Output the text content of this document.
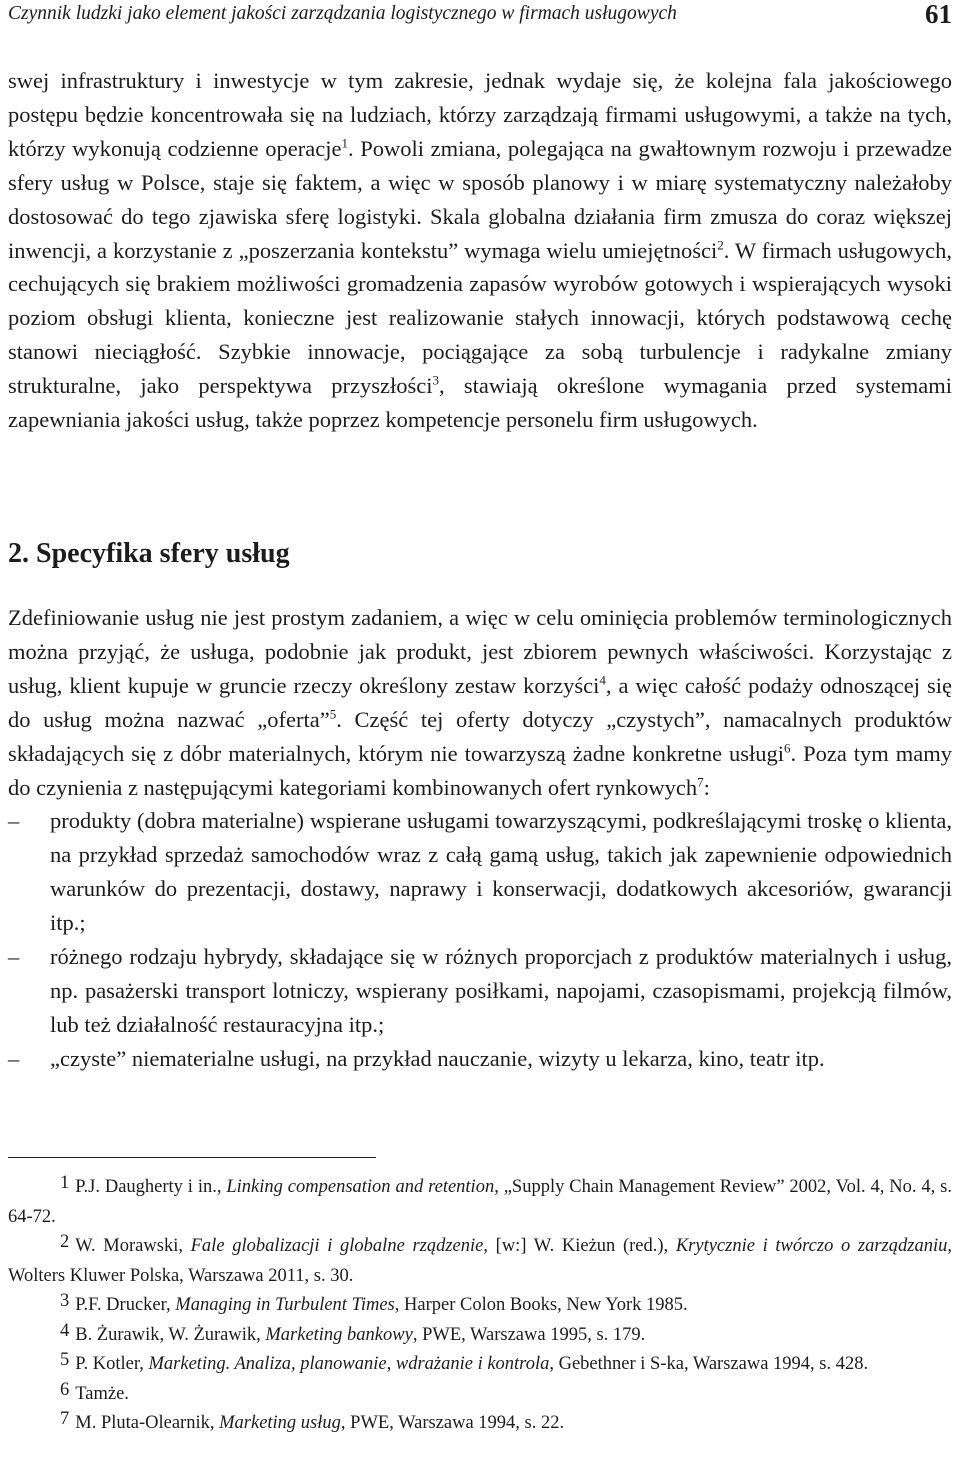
Czynnik ludzki jako element jakości zarządzania logistycznego w firmach usługowych	61

swej infrastruktury i inwestycje w tym zakresie, jednak wydaje się, że kolejna fala jakościowego postępu będzie koncentrowała się na ludziach, którzy zarządzają firmami usługowymi, a także na tych, którzy wykonują codzienne operacje$^1$. Powoli zmiana, polegająca na gwałtownym rozwoju i przewadze sfery usług w Polsce, staje się faktem, a więc w sposób planowy i w miarę systematyczny należałoby dostosować do tego zjawiska sferę logistyki. Skala globalna działania firm zmusza do coraz większej inwencji, a korzystanie z „poszerzania kontekstu” wymaga wielu umiejętności$^2$. W firmach usługowych, cechujących się brakiem możliwości gromadzenia zapasów wyrobów gotowych i wspierających wysoki poziom obsługi klienta, konieczne jest realizowanie stałych innowacji, których podstawową cechę stanowi nieciągłość. Szybkie innowacje, pociągające za sobą turbulencje i radykalne zmiany strukturalne, jako perspektywa przyszłości$^3$, stawiają określone wymagania przed systemami zapewniania jakości usług, także poprzez kompetencje personelu firm usługowych.

2. Specyfika sfery usług

Zdefiniowanie usług nie jest prostym zadaniem, a więc w celu ominięcia problemów terminologicznych można przyjąć, że usługa, podobnie jak produkt, jest zbiorem pewnych właściwości. Korzystając z usług, klient kupuje w gruncie rzeczy określony zestaw korzyści$^4$, a więc całość podaży odnoszącej się do usług można nazwać „oferta”$^5$. Część tej oferty dotyczy „czystych”, namacalnych produktów składających się z dóbr materialnych, którym nie towarzyszą żadne konkretne usługi$^6$. Poza tym mamy do czynienia z następującymi kategoriami kombinowanych ofert rynkowych$^7$:

– produkty (dobra materialne) wspierane usługami towarzyszącymi, podkreślającymi troskę o klienta, na przykład sprzedaż samochodów wraz z całą gamą usług, takich jak zapewnienie odpowiednich warunków do prezentacji, dostawy, naprawy i konserwacji, dodatkowych akcesoriów, gwarancji itp.;
– różnego rodzaju hybrydy, składające się w różnych proporcjach z produktów materialnych i usług, np. pasażerski transport lotniczy, wspierany posiłkami, napojami, czasopismami, projekcją filmów, lub też działalność restauracyjna itp.;
– „czyste” niematerialne usługi, na przykład nauczanie, wizyty u lekarza, kino, teatr itp.

1 P.J. Daugherty i in., Linking compensation and retention, „Supply Chain Management Review” 2002, Vol. 4, No. 4, s. 64-72.

2 W. Morawski, Fale globalizacji i globalne rządzenie, [w:] W. Kieżun (red.), Krytycznie i twórczo o zarządzaniu, Wolters Kluwer Polska, Warszawa 2011, s. 30.

3 P.F. Drucker, Managing in Turbulent Times, Harper Colon Books, New York 1985.

4 B. Żurawik, W. Żurawik, Marketing bankowy, PWE, Warszawa 1995, s. 179.

5 P. Kotler, Marketing. Analiza, planowanie, wdrażanie i kontrola, Gebethner i S-ka, Warszawa 1994, s. 428.

6 Tamże.

7 M. Pluta-Olearnik, Marketing usług, PWE, Warszawa 1994, s. 22.
